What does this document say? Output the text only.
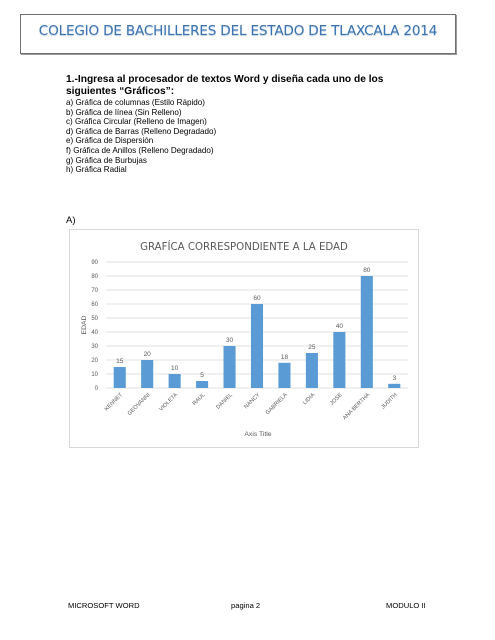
COLEGIO DE BACHILLERES DEL ESTADO DE TLAXCALA 2014
1.-Ingresa al procesador de textos Word y diseña cada uno de los siguientes “Gráficos”:
a) Gráfica de columnas (Estilo Rápido)
b) Gráfica de línea (Sin Relleno)
c) Gráfica Circular (Relleno de Imagen)
d) Gráfica de Barras (Relleno Degradado)
e) Gráfica de Dispersión
f) Gráfica de Anillos (Relleno Degradado)
g) Gráfica de Burbujas
h) Gráfica Radial
A)
GRAFÍCA CORRESPONDIENTE A LA EDAD
0
10
20
30
40
50
60
70
80
90
EDAD
15
KENNET
20
GEOVANNI
10
VIOLETA
5
RAUL
30
DANIEL
60
NANCY
18
GABRIELA
25
LIDIA
40
JOSE
80
ANA BERTHA
3
JUDITH
Axis Title
MICROSOFT WORD	pagina 2	MODULO II
